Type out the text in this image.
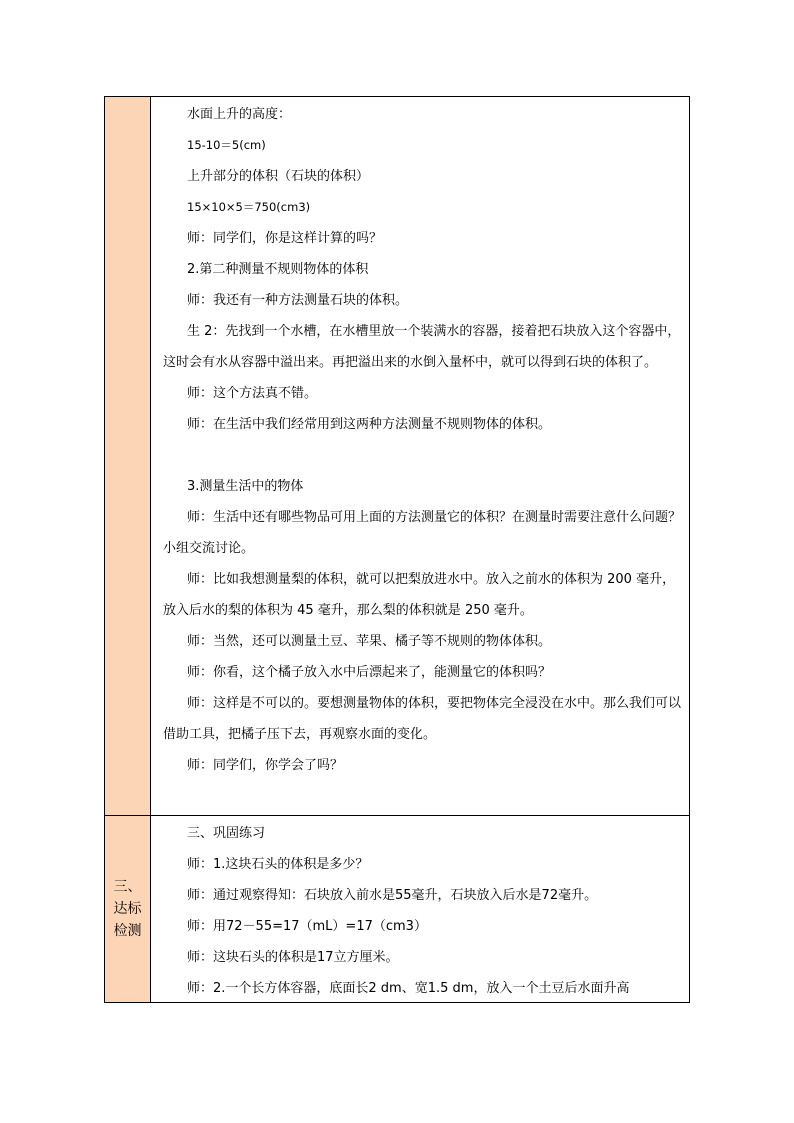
水面上升的高度：
15-10＝5(cm)
上升部分的体积（石块的体积）
15×10×5＝750(cm3)
师：同学们，你是这样计算的吗？
2.第二种测量不规则物体的体积
师：我还有一种方法测量石块的体积。
生 2：先找到一个水槽，在水槽里放一个装满水的容器，接着把石块放入这个容器中，这时会有水从容器中溢出来。再把溢出来的水倒入量杯中，就可以得到石块的体积了。
师：这个方法真不错。
师：在生活中我们经常用到这两种方法测量不规则物体的体积。
3.测量生活中的物体
师：生活中还有哪些物品可用上面的方法测量它的体积？在测量时需要注意什么问题？小组交流讨论。
师：比如我想测量梨的体积，就可以把梨放进水中。放入之前水的体积为 200 毫升，放入后水的梨的体积为 45 毫升，那么梨的体积就是 250 毫升。
师：当然，还可以测量土豆、苹果、橘子等不规则的物体体积。
师：你看，这个橘子放入水中后漂起来了，能测量它的体积吗？
师：这样是不可以的。要想测量物体的体积，要把物体完全浸没在水中。那么我们可以借助工具，把橘子压下去，再观察水面的变化。
师：同学们，你学会了吗？
三、达标检测
三、巩固练习
师：1.这块石头的体积是多少？
师：通过观察得知：石块放入前水是55毫升，石块放入后水是72毫升。
师：用72－55=17（mL）=17（cm3）
师：这块石头的体积是17立方厘米。
师：2.一个长方体容器，底面长2 dm、宽1.5 dm，放入一个土豆后水面升高
